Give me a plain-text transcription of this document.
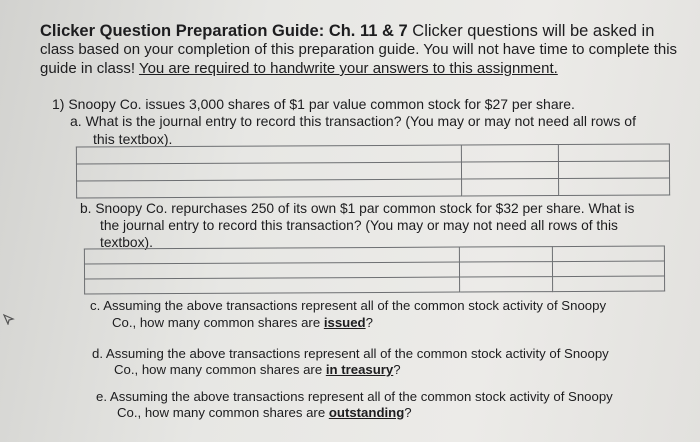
Clicker Question Preparation Guide: Ch. 11 & 7 Clicker questions will be asked in
class based on your completion of this preparation guide. You will not have time to complete this
guide in class! You are required to handwrite your answers to this assignment.
1) Snoopy Co. issues 3,000 shares of $1 par value common stock for $27 per share.
a. What is the journal entry to record this transaction? (You may or may not need all rows of
this textbox).

b. Snoopy Co. repurchases 250 of its own $1 par common stock for $32 per share. What is
the journal entry to record this transaction? (You may or may not need all rows of this
textbox).

c. Assuming the above transactions represent all of the common stock activity of Snoopy
Co., how many common shares are issued?
d. Assuming the above transactions represent all of the common stock activity of Snoopy
Co., how many common shares are in treasury?
e. Assuming the above transactions represent all of the common stock activity of Snoopy
Co., how many common shares are outstanding?
